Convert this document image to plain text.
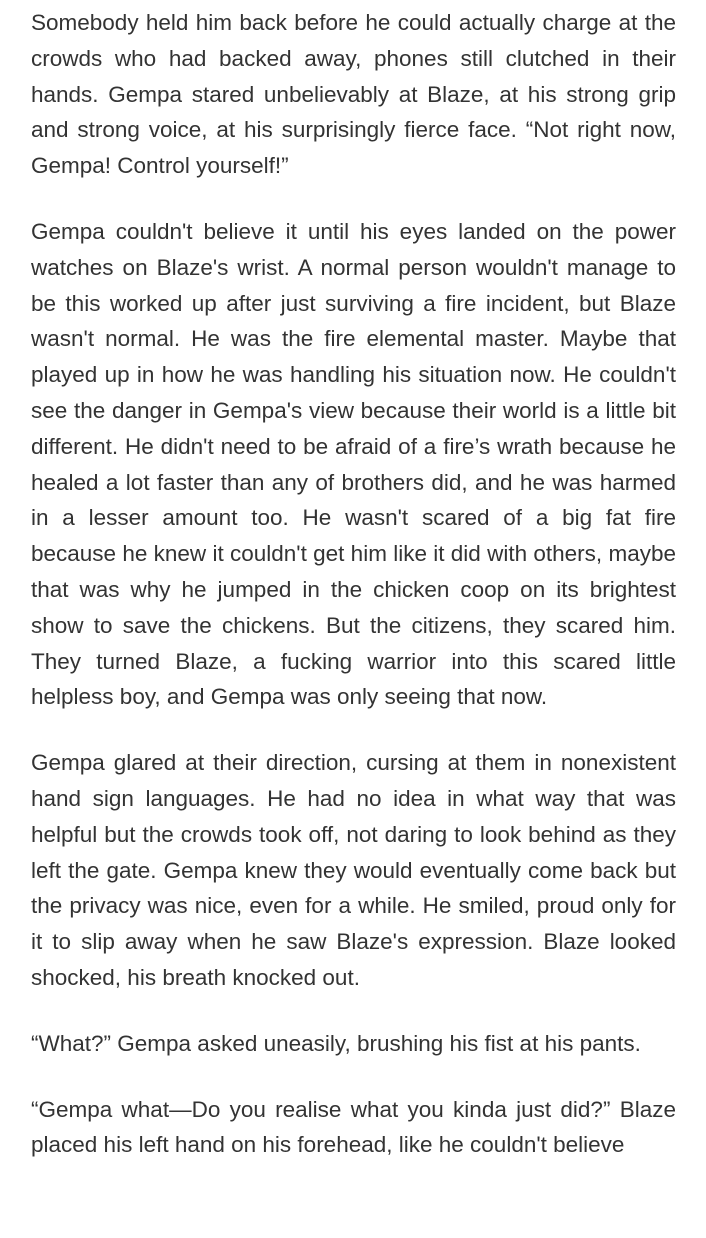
Somebody held him back before he could actually charge at the crowds who had backed away, phones still clutched in their hands. Gempa stared unbelievably at Blaze, at his strong grip and strong voice, at his surprisingly fierce face. “Not right now, Gempa! Control yourself!”

Gempa couldn't believe it until his eyes landed on the power watches on Blaze's wrist. A normal person wouldn't manage to be this worked up after just surviving a fire incident, but Blaze wasn't normal. He was the fire elemental master. Maybe that played up in how he was handling his situation now. He couldn't see the danger in Gempa's view because their world is a little bit different. He didn't need to be afraid of a fire’s wrath because he healed a lot faster than any of brothers did, and he was harmed in a lesser amount too. He wasn't scared of a big fat fire because he knew it couldn't get him like it did with others, maybe that was why he jumped in the chicken coop on its brightest show to save the chickens. But the citizens, they scared him. They turned Blaze, a fucking warrior into this scared little helpless boy, and Gempa was only seeing that now.

Gempa glared at their direction, cursing at them in nonexistent hand sign languages. He had no idea in what way that was helpful but the crowds took off, not daring to look behind as they left the gate. Gempa knew they would eventually come back but the privacy was nice, even for a while. He smiled, proud only for it to slip away when he saw Blaze's expression. Blaze looked shocked, his breath knocked out.

“What?” Gempa asked uneasily, brushing his fist at his pants.

“Gempa what—Do you realise what you kinda just did?” Blaze placed his left hand on his forehead, like he couldn't believe
